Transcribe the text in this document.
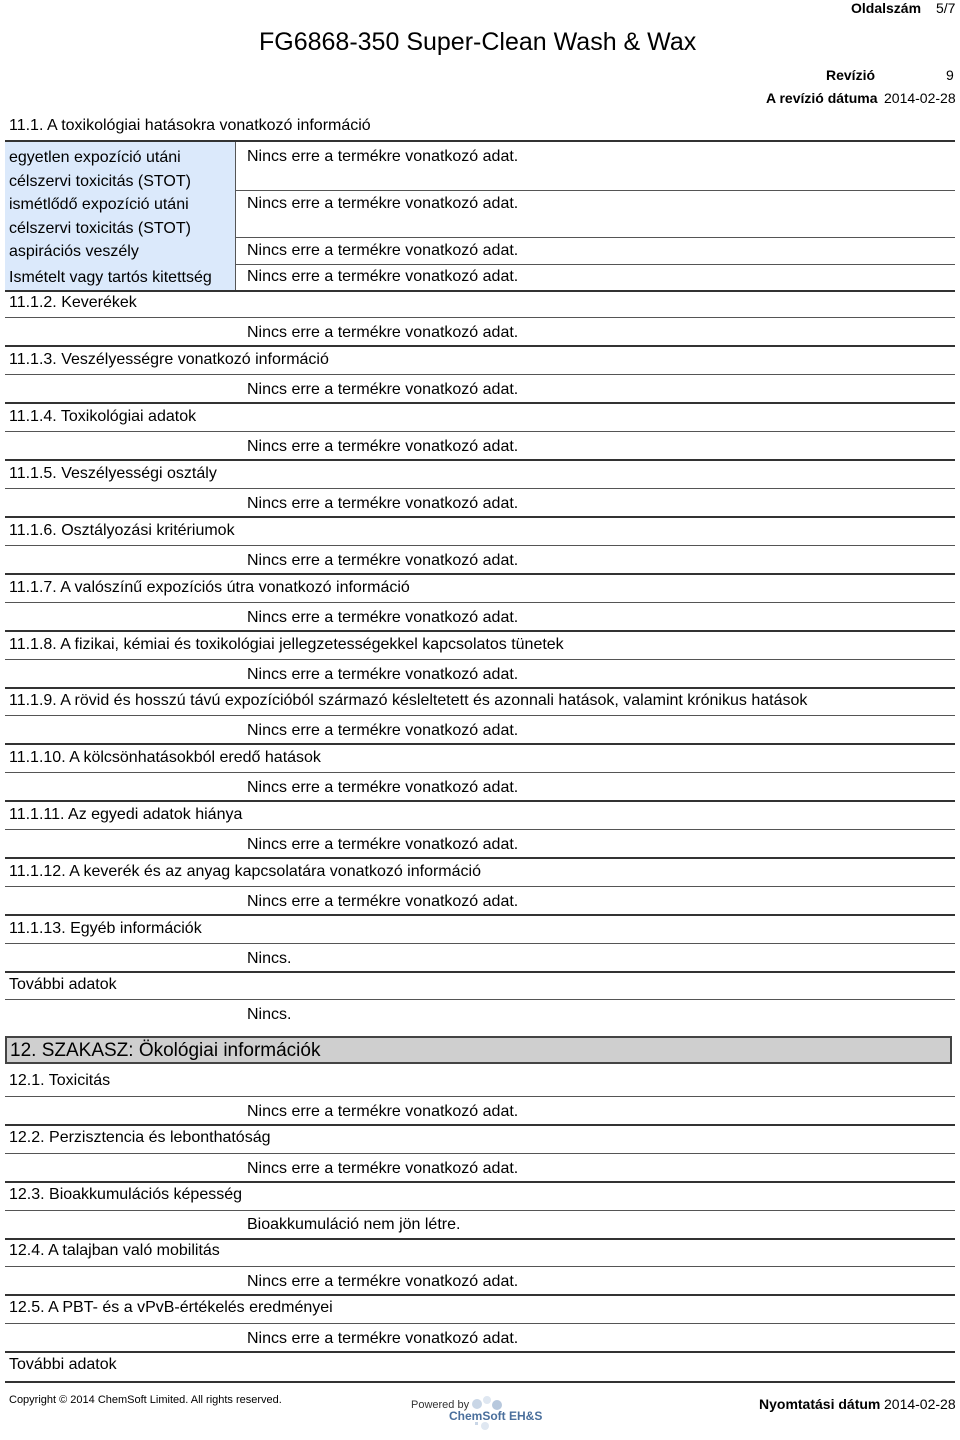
Oldalszám 5/7
FG6868-350 Super-Clean Wash & Wax
Revízió	9
A revízió dátuma 2014-02-28
11.1. A toxikológiai hatásokra vonatkozó információ
egyetlen expozíció utáni
célszervi toxicitás (STOT)
Nincs erre a termékre vonatkozó adat.
ismétlődő expozíció utáni
célszervi toxicitás (STOT)
Nincs erre a termékre vonatkozó adat.
aspirációs veszély	Nincs erre a termékre vonatkozó adat.
Ismételt vagy tartós kitettség Nincs erre a termékre vonatkozó adat.
11.1.2. Keverékek
Nincs erre a termékre vonatkozó adat.
11.1.3. Veszélyességre vonatkozó információ
Nincs erre a termékre vonatkozó adat.
11.1.4. Toxikológiai adatok
Nincs erre a termékre vonatkozó adat.
11.1.5. Veszélyességi osztály
Nincs erre a termékre vonatkozó adat.
11.1.6. Osztályozási kritériumok
Nincs erre a termékre vonatkozó adat.
11.1.7. A valószínű expozíciós útra vonatkozó információ
Nincs erre a termékre vonatkozó adat.
11.1.8. A fizikai, kémiai és toxikológiai jellegzetességekkel kapcsolatos tünetek
Nincs erre a termékre vonatkozó adat.
11.1.9. A rövid és hosszú távú expozícióból származó késleltetett és azonnali hatások, valamint krónikus hatások
Nincs erre a termékre vonatkozó adat.
11.1.10. A kölcsönhatásokból eredő hatások
Nincs erre a termékre vonatkozó adat.
11.1.11. Az egyedi adatok hiánya
Nincs erre a termékre vonatkozó adat.
11.1.12. A keverék és az anyag kapcsolatára vonatkozó információ
Nincs erre a termékre vonatkozó adat.
11.1.13. Egyéb információk
Nincs.
További adatok
Nincs.
12. SZAKASZ: Ökológiai információk
12.1. Toxicitás
Nincs erre a termékre vonatkozó adat.
12.2. Perzisztencia és lebonthatóság
Nincs erre a termékre vonatkozó adat.
12.3. Bioakkumulációs képesség
Bioakkumuláció nem jön létre.
12.4. A talajban való mobilitás
Nincs erre a termékre vonatkozó adat.
12.5. A PBT- és a vPvB-értékelés eredményei
Nincs erre a termékre vonatkozó adat.
További adatok
Copyright © 2014 ChemSoft Limited. All rights reserved.	Powered by
ChemSoft EH&S
Nyomtatási dátum 2014-02-28
